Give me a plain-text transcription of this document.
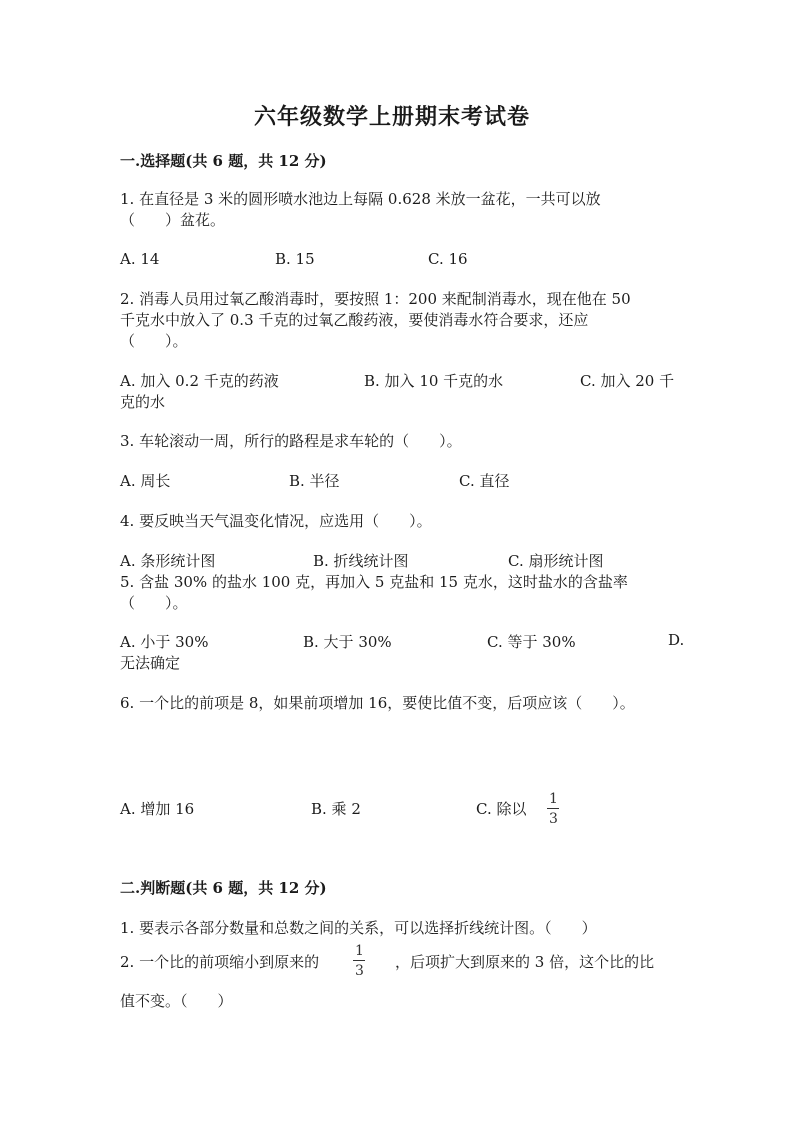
六年级数学上册期末考试卷
一.选择题(共 6 题，共 12 分)
1. 在直径是 3 米的圆形喷水池边上每隔 0.628 米放一盆花，一共可以放
（　　）盆花。
A. 14	B. 15	C. 16
2. 消毒人员用过氧乙酸消毒时，要按照 1：200 来配制消毒水，现在他在 50
千克水中放入了 0.3 千克的过氧乙酸药液，要使消毒水符合要求，还应
（　　）。
A. 加入 0.2 千克的药液	B. 加入 10 千克的水	C. 加入 20 千
克的水
3. 车轮滚动一周，所行的路程是求车轮的（　　）。
A. 周长	B. 半径	C. 直径
4. 要反映当天气温变化情况，应选用（　　）。
A. 条形统计图	B. 折线统计图	C. 扇形统计图
5. 含盐 30% 的盐水 100 克，再加入 5 克盐和 15 克水，这时盐水的含盐率
（　　）。
A. 小于 30%	B. 大于 30%	C. 等于 30%	D.
无法确定
6. 一个比的前项是 8，如果前项增加 16，要使比值不变，后项应该（　　）。
A. 增加 16	B. 乘 2	C. 除以
1
3
二.判断题(共 6 题，共 12 分)
1. 要表示各部分数量和总数之间的关系，可以选择折线统计图。（　　）
2. 一个比的前项缩小到原来的
1
3 ，后项扩大到原来的 3 倍，这个比的比
值不变。（　　）
